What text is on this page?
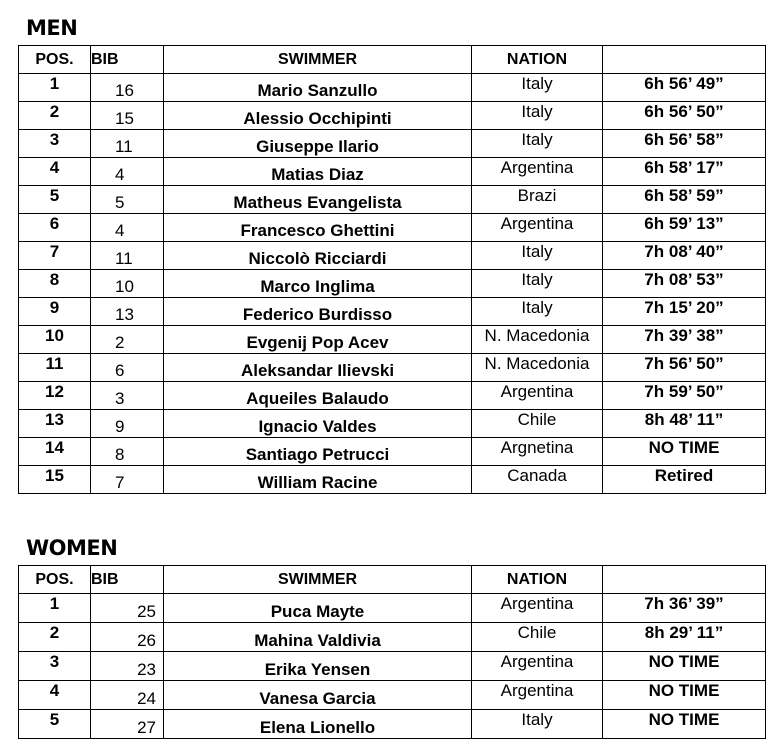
MEN
POS.	BIB	SWIMMER	NATION	
1	16	Mario Sanzullo	Italy	6h 56’ 49”
2	15	Alessio Occhipinti	Italy	6h 56’ 50”
3	11	Giuseppe Ilario	Italy	6h 56’ 58”
4	4	Matias Diaz	Argentina	6h 58’ 17”
5	5	Matheus Evangelista	Brazi	6h 58’ 59”
6	4	Francesco Ghettini	Argentina	6h 59’ 13”
7	11	Niccolò Ricciardi	Italy	7h 08’ 40”
8	10	Marco Inglima	Italy	7h 08’ 53”
9	13	Federico Burdisso	Italy	7h 15’ 20”
10	2	Evgenij Pop Acev	N. Macedonia	7h 39’ 38”
11	6	Aleksandar Ilievski	N. Macedonia	7h 56’ 50”
12	3	Aqueiles Balaudo	Argentina	7h 59’ 50”
13	9	Ignacio Valdes	Chile	8h 48’ 11”
14	8	Santiago Petrucci	Argnetina	NO TIME
15	7	William Racine	Canada	Retired
WOMEN
POS.	BIB	SWIMMER	NATION	
1	25	Puca Mayte	Argentina	7h 36’ 39”
2	26	Mahina Valdivia	Chile	8h 29’ 11”
3	23	Erika Yensen	Argentina	NO TIME
4	24	Vanesa Garcia	Argentina	NO TIME
5	27	Elena Lionello	Italy	NO TIME
